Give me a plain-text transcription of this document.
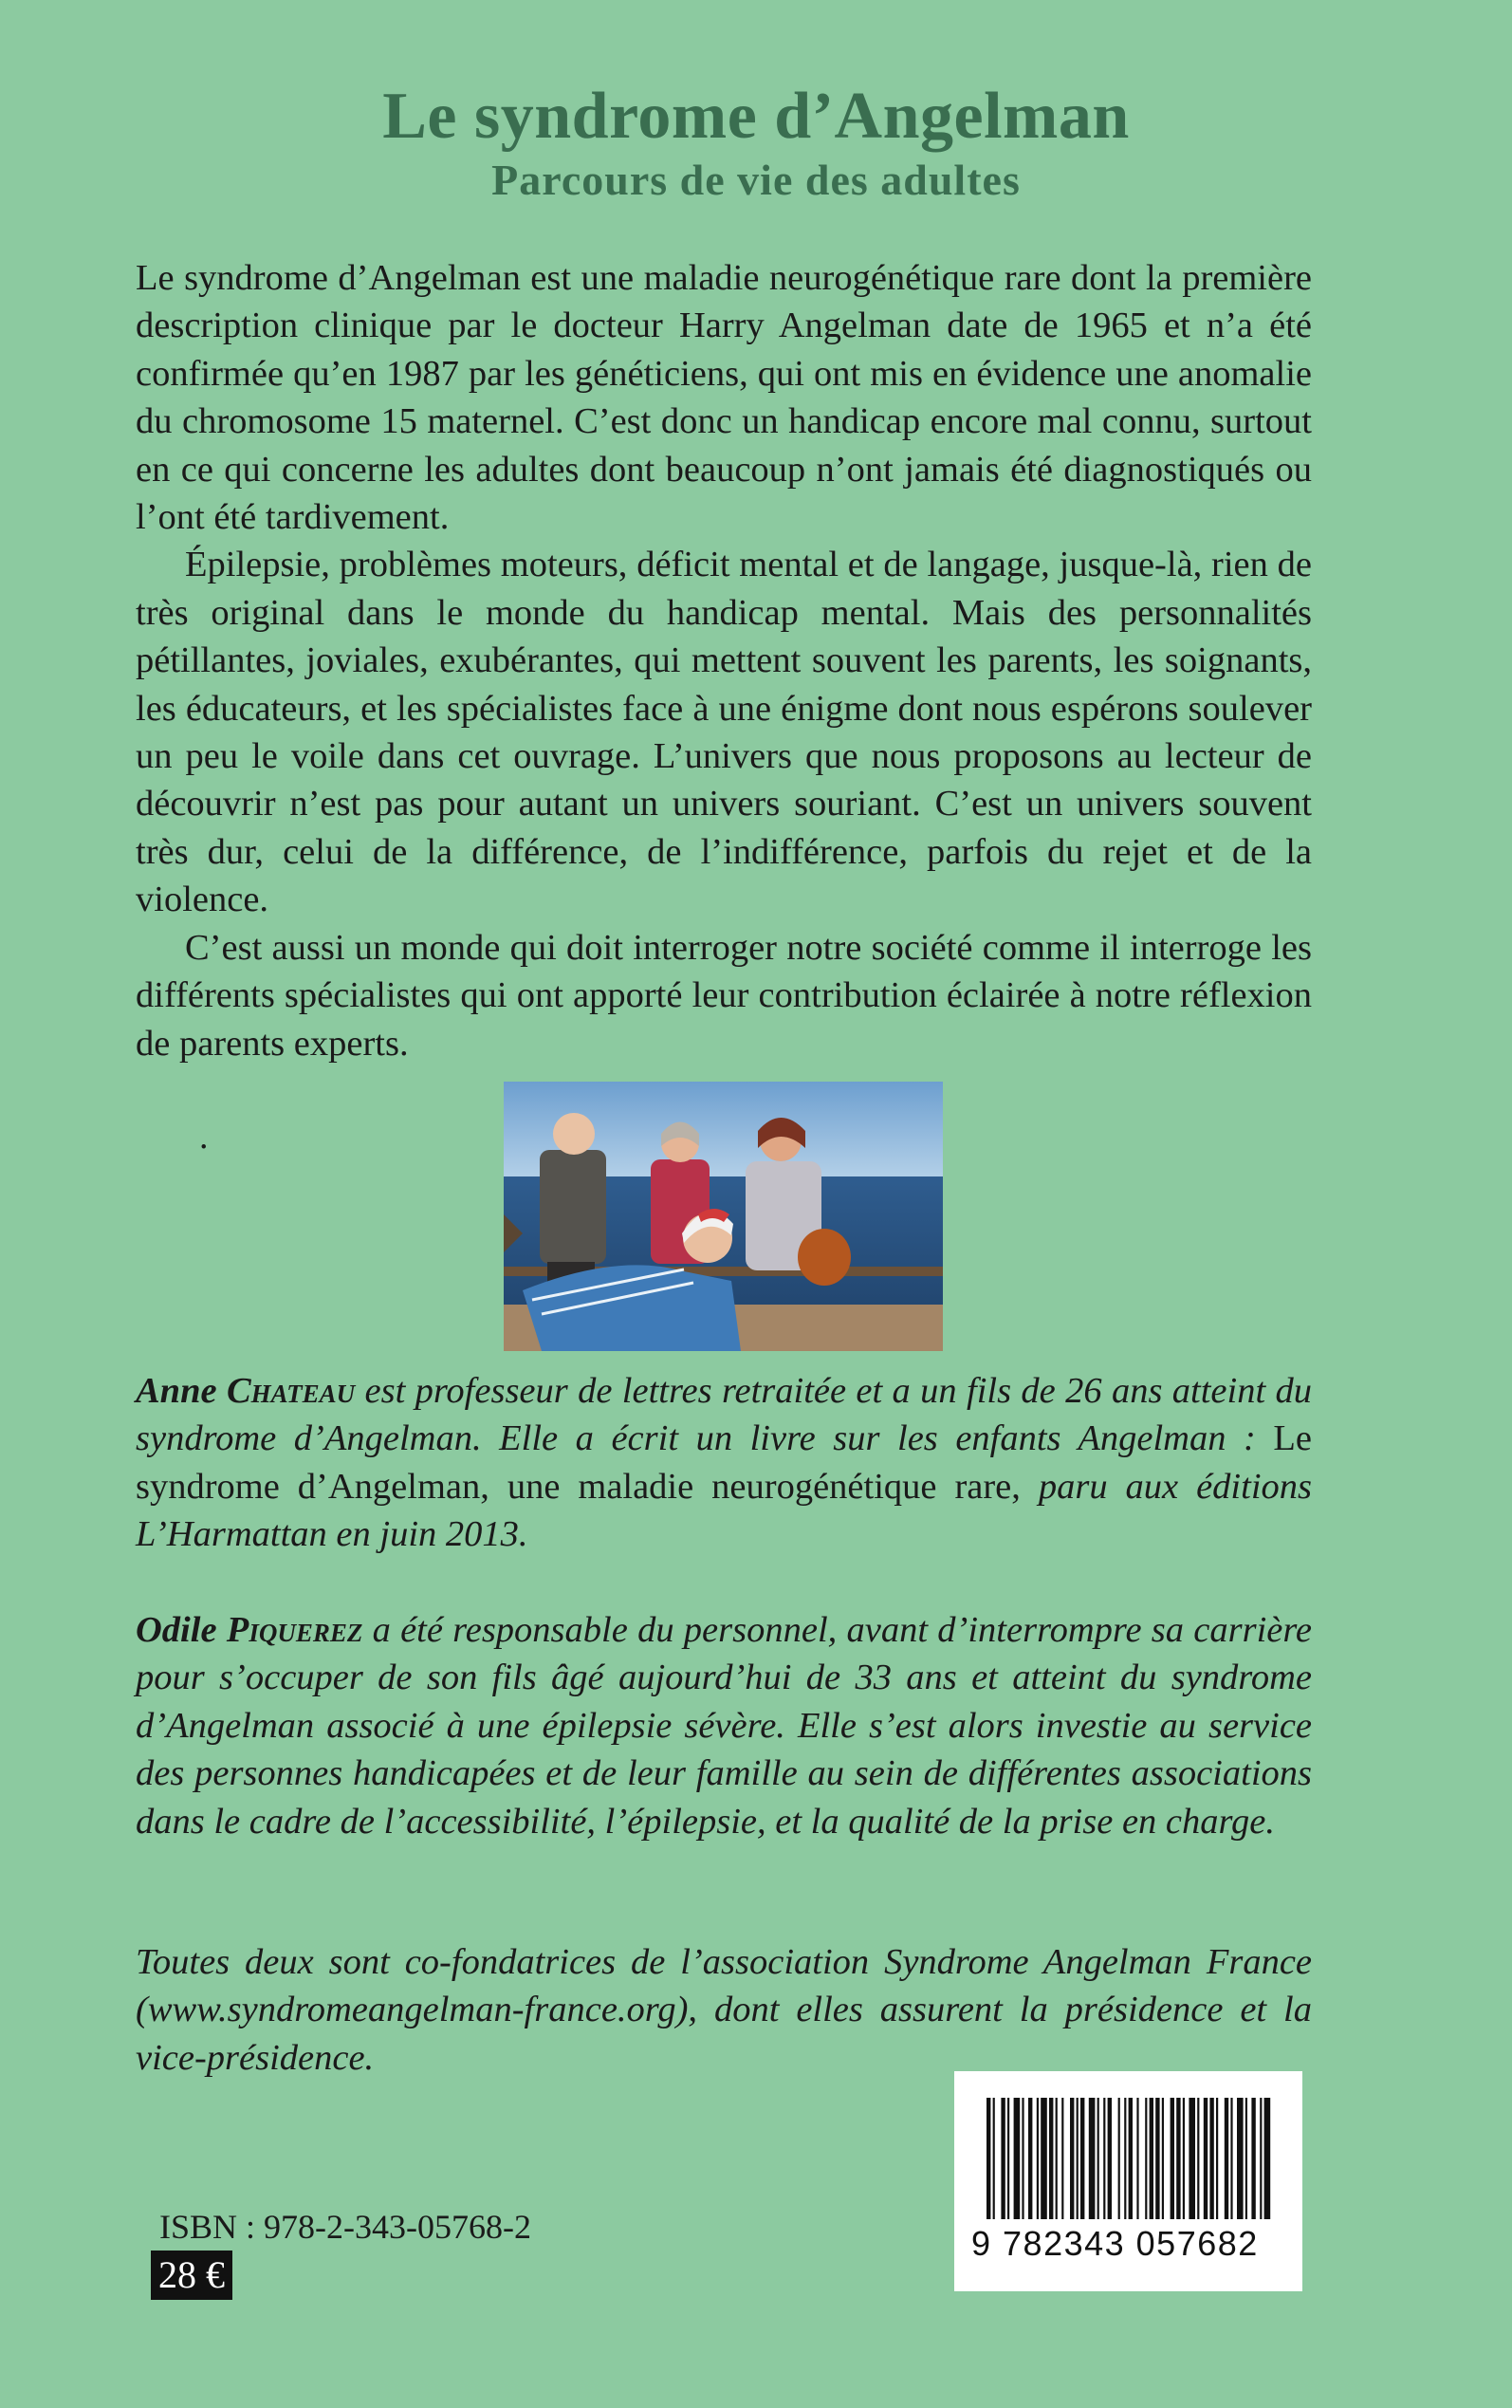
Le syndrome d’Angelman
Parcours de vie des adultes

Le syndrome d’Angelman est une maladie neurogénétique rare dont la première description clinique par le docteur Harry Angelman date de 1965 et n’a été confirmée qu’en 1987 par les généticiens, qui ont mis en évidence une anomalie du chromosome 15 maternel. C’est donc un handicap encore mal connu, surtout en ce qui concerne les adultes dont beaucoup n’ont jamais été diagnostiqués ou l’ont été tardivement.

Épilepsie, problèmes moteurs, déficit mental et de langage, jusque-là, rien de très original dans le monde du handicap mental. Mais des personnalités pétillantes, joviales, exubérantes, qui mettent souvent les parents, les soignants, les éducateurs, et les spécialistes face à une énigme dont nous espérons soulever un peu le voile dans cet ouvrage. L’univers que nous proposons au lecteur de découvrir n’est pas pour autant un univers souriant. C’est un univers souvent très dur, celui de la différence, de l’indifférence, parfois du rejet et de la violence.

C’est aussi un monde qui doit interroger notre société comme il interroge les différents spécialistes qui ont apporté leur contribution éclairée à notre réflexion de parents experts.

.

Anne Chateau est professeur de lettres retraitée et a un fils de 26 ans atteint du syndrome d’Angelman. Elle a écrit un livre sur les enfants Angelman : Le syndrome d’Angelman, une maladie neurogénétique rare, paru aux éditions L’Harmattan en juin 2013.

Odile Piquerez a été responsable du personnel, avant d’interrompre sa carrière pour s’occuper de son fils âgé aujourd’hui de 33 ans et atteint du syndrome d’Angelman associé à une épilepsie sévère. Elle s’est alors investie au service des personnes handicapées et de leur famille au sein de différentes associations dans le cadre de l’accessibilité, l’épilepsie, et la qualité de la prise en charge.

Toutes deux sont co-fondatrices de l’association Syndrome Angelman France (www.syndromeangelman-france.org), dont elles assurent la présidence et la vice-présidence.

ISBN : 978-2-343-05768-2
28 €
9 782343 057682
